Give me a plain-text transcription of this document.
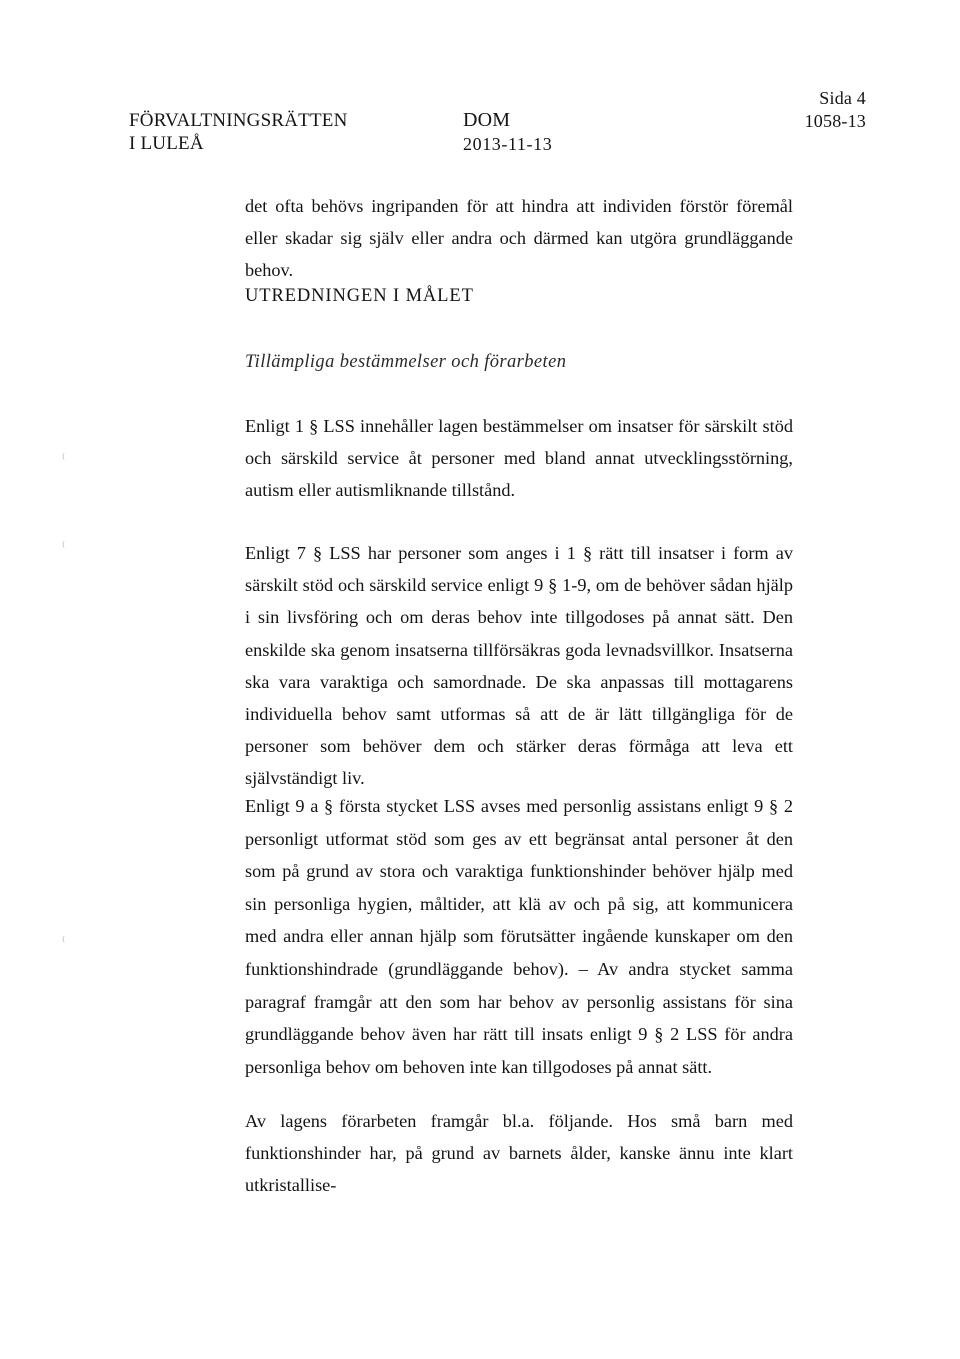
FÖRVALTNINGSRÄTTEN
I LULEÅ
DOM
2013-11-13
Sida 4
1058-13

det ofta behövs ingripanden för att hindra att individen förstör föremål eller skadar sig själv eller andra och därmed kan utgöra grundläggande behov.

UTREDNINGEN I MÅLET
Tillämpliga bestämmelser och förarbeten

Enligt 1 § LSS innehåller lagen bestämmelser om insatser för särskilt stöd och särskild service åt personer med bland annat utvecklingsstörning, autism eller autismliknande tillstånd.

Enligt 7 § LSS har personer som anges i 1 § rätt till insatser i form av särskilt stöd och särskild service enligt 9 § 1-9, om de behöver sådan hjälp i sin livsföring och om deras behov inte tillgodoses på annat sätt. Den enskilde ska genom insatserna tillförsäkras goda levnadsvillkor. Insatserna ska vara varaktiga och samordnade. De ska anpassas till mottagarens individuella behov samt utformas så att de är lätt tillgängliga för de personer som behöver dem och stärker deras förmåga att leva ett självständigt liv.

Enligt 9 a § första stycket LSS avses med personlig assistans enligt 9 § 2 personligt utformat stöd som ges av ett begränsat antal personer åt den som på grund av stora och varaktiga funktionshinder behöver hjälp med sin personliga hygien, måltider, att klä av och på sig, att kommunicera med andra eller annan hjälp som förutsätter ingående kunskaper om den funktionshindrade (grundläggande behov). – Av andra stycket samma paragraf framgår att den som har behov av personlig assistans för sina grundläggande behov även har rätt till insats enligt 9 § 2 LSS för andra personliga behov om behoven inte kan tillgodoses på annat sätt.

Av lagens förarbeten framgår bl.a. följande. Hos små barn med funktionshinder har, på grund av barnets ålder, kanske ännu inte klart utkristallise-

⁽
⁽
⁽
